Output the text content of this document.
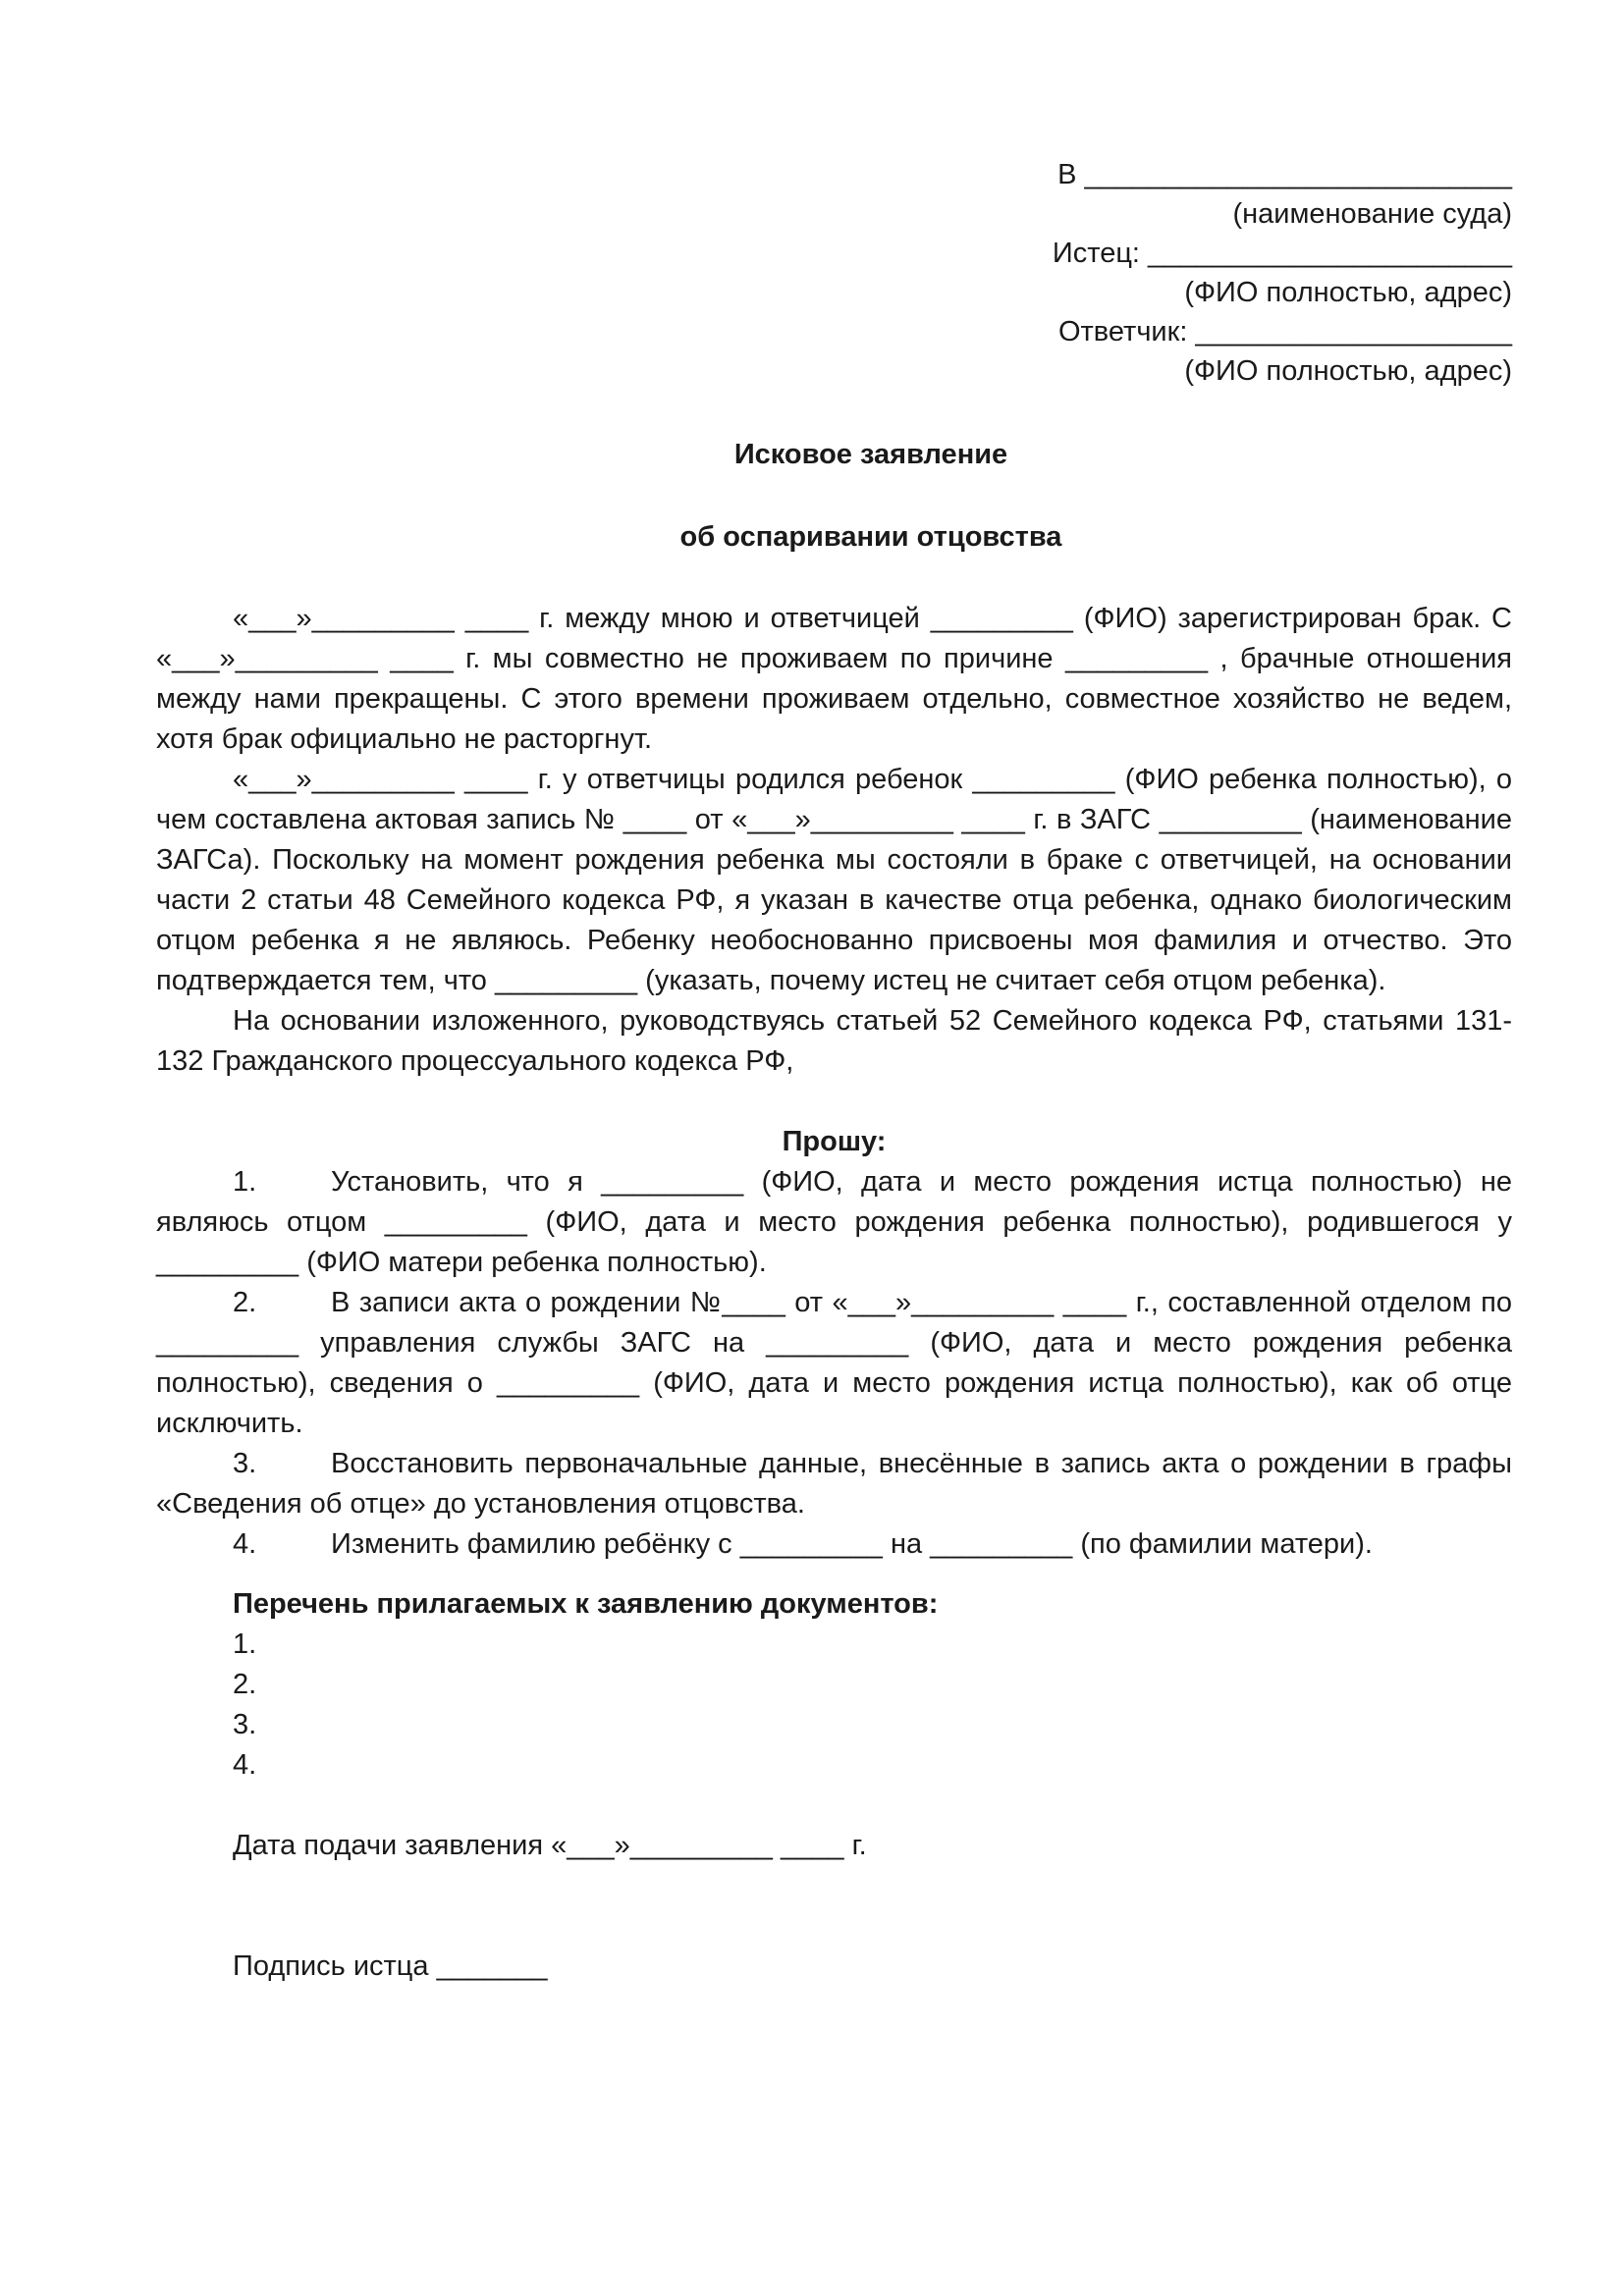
В ___________________________
(наименование суда)
Истец: _______________________
(ФИО полностью, адрес)
Ответчик: ____________________
(ФИО полностью, адрес)
Исковое заявление
об оспаривании отцовства

«___»_________ ____ г. между мною и ответчицей _________ (ФИО) зарегистрирован брак. С «___»_________ ____ г. мы совместно не проживаем по причине _________ , брачные отношения между нами прекращены. С этого времени проживаем отдельно, совместное хозяйство не ведем, хотя брак официально не расторгнут.

«___»_________ ____ г. у ответчицы родился ребенок _________ (ФИО ребенка полностью), о чем составлена актовая запись № ____ от «___»_________ ____ г. в ЗАГС _________ (наименование ЗАГСа). Поскольку на момент рождения ребенка мы состояли в браке с ответчицей, на основании части 2 статьи 48 Семейного кодекса РФ, я указан в качестве отца ребенка, однако биологическим отцом ребенка я не являюсь. Ребенку необоснованно присвоены моя фамилия и отчество. Это подтверждается тем, что _________ (указать, почему истец не считает себя отцом ребенка).

На основании изложенного, руководствуясь статьей 52 Семейного кодекса РФ, статьями 131-132 Гражданского процессуального кодекса РФ,

Прошу:

1.	Установить, что я _________ (ФИО, дата и место рождения истца полностью) не являюсь отцом _________ (ФИО, дата и место рождения ребенка полностью), родившегося у _________ (ФИО матери ребенка полностью).

2.	В записи акта о рождении №____ от «___»_________ ____ г., составленной отделом по _________ управления службы ЗАГС на _________ (ФИО, дата и место рождения ребенка полностью), сведения о _________ (ФИО, дата и место рождения истца полностью), как об отце исключить.

3.	Восстановить первоначальные данные, внесённые в запись акта о рождении в графы «Сведения об отце» до установления отцовства.

4.	Изменить фамилию ребёнку с _________ на _________ (по фамилии матери).

Перечень прилагаемых к заявлению документов:
1.
2.
3.
4.
Дата подачи заявления «___»_________ ____ г.
Подпись истца _______
